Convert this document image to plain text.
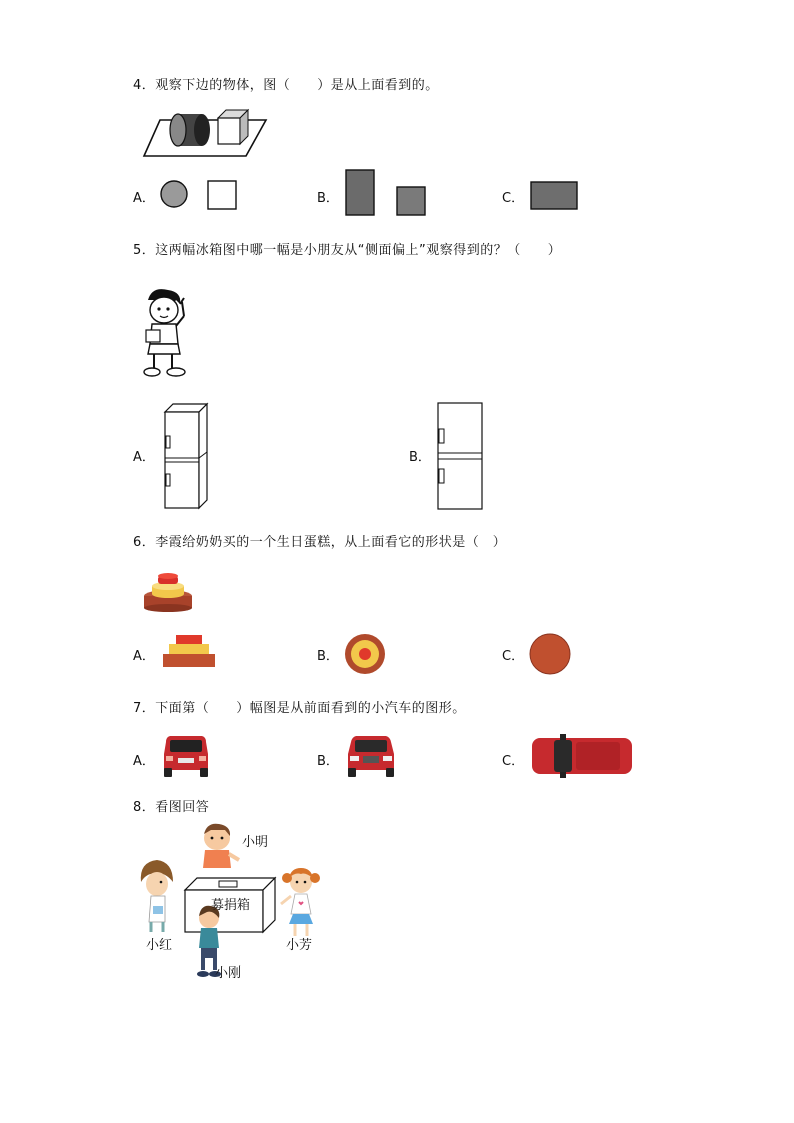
4．观察下边的物体，图（　　）是从上面看到的。
A．	B．	C．
5．这两幅冰箱图中哪一幅是小朋友从“侧面偏上”观察得到的？（　　）
A．	B．
6．李霞给奶奶买的一个生日蛋糕，从上面看它的形状是（　）
A．	B．	C．
7．下面第（　　）幅图是从前面看到的小汽车的图形。
A．	B．	C．
8．看图回答
募捐箱
小明
小红	小芳
小刚
